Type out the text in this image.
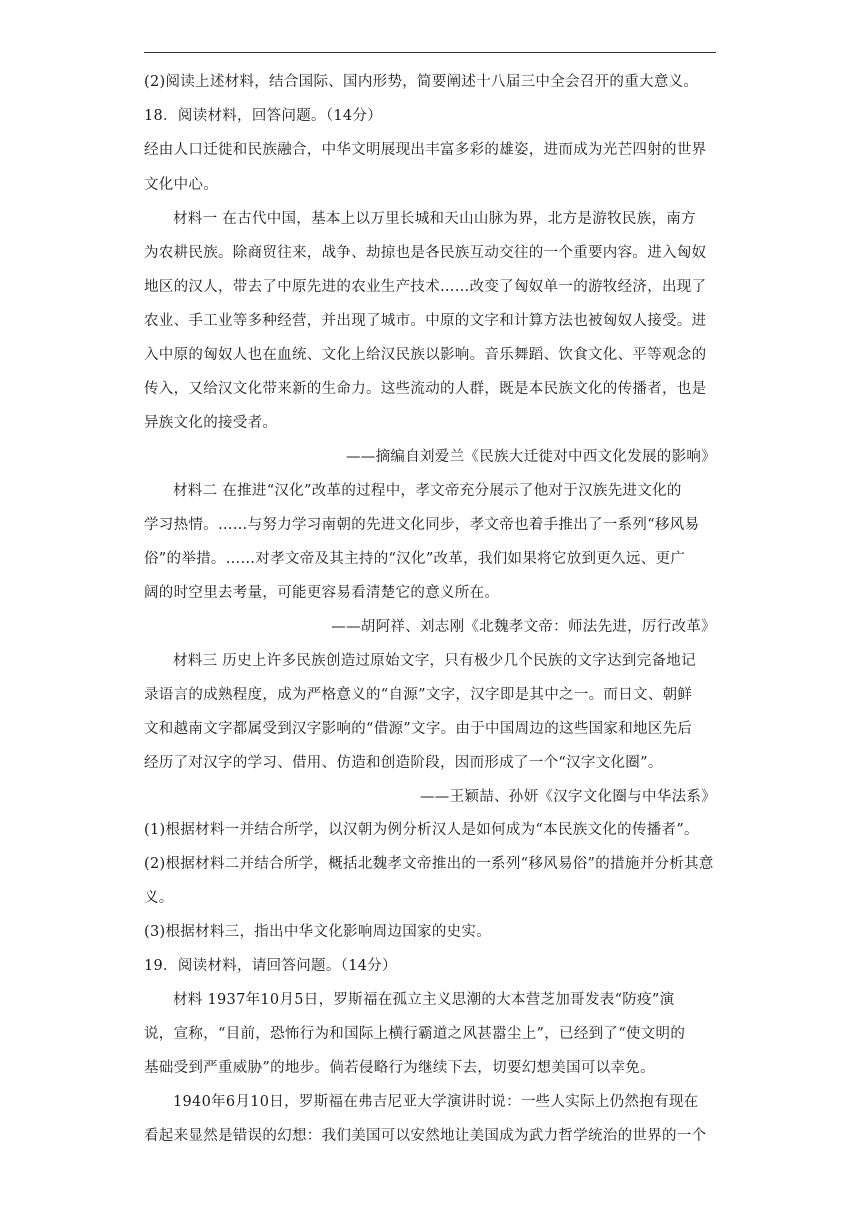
(2)阅读上述材料，结合国际、国内形势，简要阐述十八届三中全会召开的重大意义。
18．阅读材料，回答问题。（14分）
经由人口迁徙和民族融合，中华文明展现出丰富多彩的雄姿，进而成为光芒四射的世界
文化中心。
材料一 在古代中国，基本上以万里长城和天山山脉为界，北方是游牧民族，南方
为农耕民族。除商贸往来，战争、劫掠也是各民族互动交往的一个重要内容。进入匈奴
地区的汉人，带去了中原先进的农业生产技术……改变了匈奴单一的游牧经济，出现了
农业、手工业等多种经营，并出现了城市。中原的文字和计算方法也被匈奴人接受。进
入中原的匈奴人也在血统、文化上给汉民族以影响。音乐舞蹈、饮食文化、平等观念的
传入，又给汉文化带来新的生命力。这些流动的人群，既是本民族文化的传播者，也是
异族文化的接受者。
——摘编自刘爱兰《民族大迁徙对中西文化发展的影响》
材料二 在推进“汉化”改革的过程中，孝文帝充分展示了他对于汉族先进文化的
学习热情。……与努力学习南朝的先进文化同步，孝文帝也着手推出了一系列“移风易
俗”的举措。……对孝文帝及其主持的“汉化”改革，我们如果将它放到更久远、更广
阔的时空里去考量，可能更容易看清楚它的意义所在。
——胡阿祥、刘志刚《北魏孝文帝：师法先进，厉行改革》
材料三 历史上许多民族创造过原始文字，只有极少几个民族的文字达到完备地记
录语言的成熟程度，成为严格意义的“自源”文字，汉字即是其中之一。而日文、朝鲜
文和越南文字都属受到汉字影响的“借源”文字。由于中国周边的这些国家和地区先后
经历了对汉字的学习、借用、仿造和创造阶段，因而形成了一个“汉字文化圈”。
——王颖喆、孙妍《汉字文化圈与中华法系》
(1)根据材料一并结合所学，以汉朝为例分析汉人是如何成为“本民族文化的传播者”。
(2)根据材料二并结合所学，概括北魏孝文帝推出的一系列“移风易俗”的措施并分析其意
义。
(3)根据材料三，指出中华文化影响周边国家的史实。
19．阅读材料，请回答问题。（14分）
材料 1937年10月5日，罗斯福在孤立主义思潮的大本营芝加哥发表“防疫”演
说，宣称，“目前，恐怖行为和国际上横行霸道之风甚嚣尘上”，已经到了“使文明的
基础受到严重威胁”的地步。倘若侵略行为继续下去，切要幻想美国可以幸免。
1940年6月10日，罗斯福在弗吉尼亚大学演讲时说：一些人实际上仍然抱有现在
看起来显然是错误的幻想：我们美国可以安然地让美国成为武力哲学统治的世界的一个
